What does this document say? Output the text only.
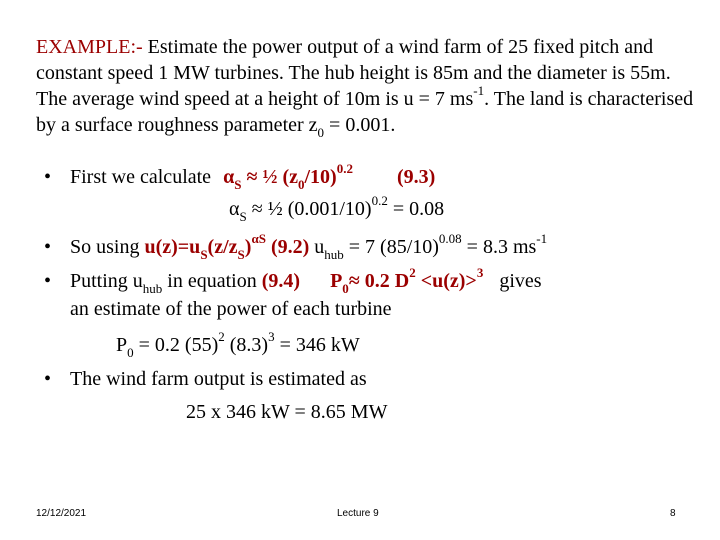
EXAMPLE:- Estimate the power output of a wind farm of 25 fixed pitch and constant speed 1 MW turbines. The hub height is 85m and the diameter is 55m. The average wind speed at a height of 10m is u = 7 $ms^{-1}$. The land is characterised by a surface roughness parameter $z_0 = 0.001$.
• First we calculate $\alpha_S$ ≈ ½ $(z_0/10)^{0.2}$ (9.3)
$\alpha_S$ ≈ ½ $(0.001/10)^{0.2} = 0.08$
• So using $u(z)=u_S(z/z_S)^{\alpha S}$ (9.2) $u_{hub} = 7$ $(85/10)^{0.08} = 8.3$ $ms^{-1}$
• Putting $u_{hub}$ in equation (9.4) $P_0\approx 0.2$ $D^2 <u(z)>^3$ gives
an estimate of the power of each turbine
$P_0 = 0.2$ $(55)^2$ $(8.3)^3 = 346$ kW
• The wind farm output is estimated as
25 x 346 kW = 8.65 MW
12/12/2021	Lecture 9	8
